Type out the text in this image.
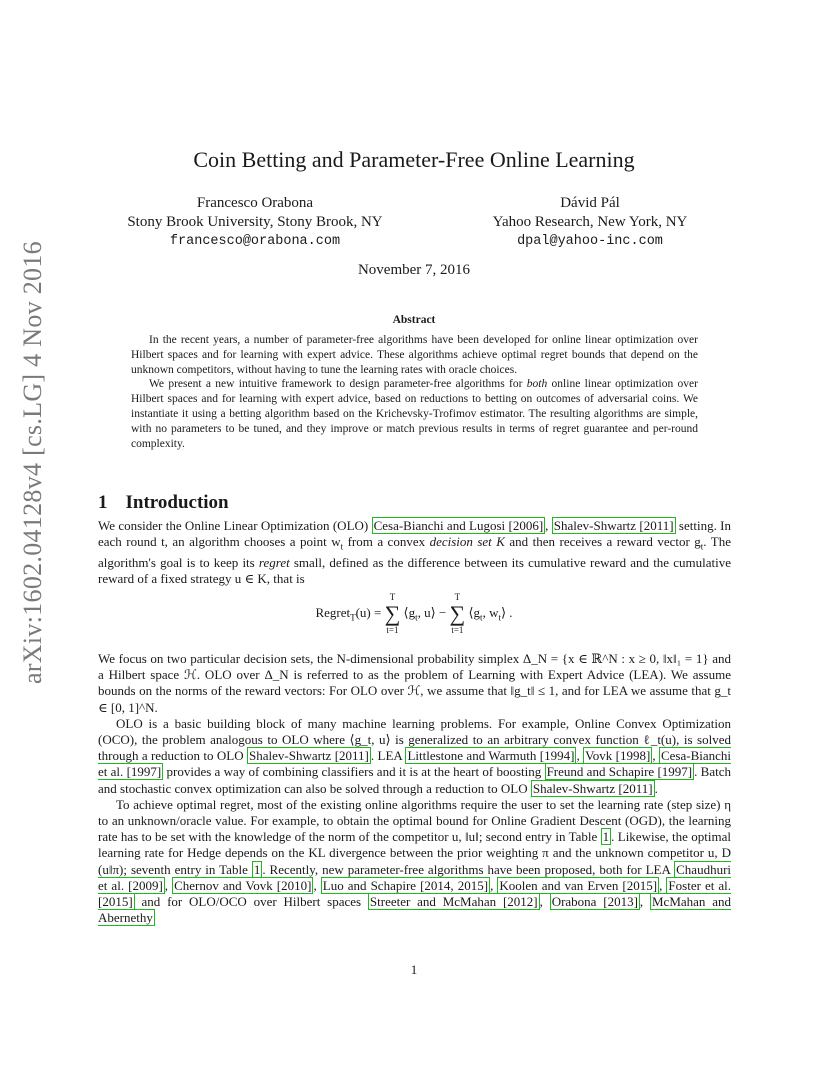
arXiv:1602.04128v4 [cs.LG] 4 Nov 2016
Coin Betting and Parameter-Free Online Learning
Francesco Orabona
Stony Brook University, Stony Brook, NY
francesco@orabona.com
Dávid Pál
Yahoo Research, New York, NY
dpal@yahoo-inc.com
November 7, 2016
Abstract

In the recent years, a number of parameter-free algorithms have been developed for online linear optimization over Hilbert spaces and for learning with expert advice. These algorithms achieve optimal regret bounds that depend on the unknown competitors, without having to tune the learning rates with oracle choices.

We present a new intuitive framework to design parameter-free algorithms for both online linear optimization over Hilbert spaces and for learning with expert advice, based on reductions to betting on outcomes of adversarial coins. We instantiate it using a betting algorithm based on the Krichevsky-Trofimov estimator. The resulting algorithms are simple, with no parameters to be tuned, and they improve or match previous results in terms of regret guarantee and per-round complexity.

1 Introduction

We consider the Online Linear Optimization (OLO) Cesa-Bianchi and Lugosi [2006] , Shalev-Shwartz [2011] setting. In each round t, an algorithm chooses a point $w_t$ from a convex decision set K and then receives a reward vector $g_t$. The algorithm's goal is to keep its regret small, defined as the difference between its cumulative reward and the cumulative reward of a fixed strategy u ∈ K, that is

Regret$_T$(u) =
T
∑
t=1
$⟨g_t$, u⟩ −
T
∑
t=1
$⟨g_t$, $w_t⟩$ .

We focus on two particular decision sets, the N-dimensional probability simplex Δ_N = {x ∈ ℝ^N : x ≥ 0, ‖x‖₁ = 1} and a Hilbert space ℋ. OLO over Δ_N is referred to as the problem of Learning with Expert Advice (LEA). We assume bounds on the norms of the reward vectors: For OLO over ℋ, we assume that ‖g_t‖ ≤ 1, and for LEA we assume that g_t ∈ [0, 1]^N.

OLO is a basic building block of many machine learning problems. For example, Online Convex Optimization (OCO), the problem analogous to OLO where ⟨g_t, u⟩ is generalized to an arbitrary convex function ℓ_t(u), is solved through a reduction to OLO Shalev-Shwartz [2011] . LEA Littlestone and Warmuth [1994] , Vovk [1998] , Cesa-Bianchi et al. [1997] provides a way of combining classifiers and it is at the heart of boosting Freund and Schapire [1997] . Batch and stochastic convex optimization can also be solved through a reduction to OLO Shalev-Shwartz [2011] .

To achieve optimal regret, most of the existing online algorithms require the user to set the learning rate (step size) η to an unknown/oracle value. For example, to obtain the optimal bound for Online Gradient Descent (OGD), the learning rate has to be set with the knowledge of the norm of the competitor u, ‖u‖; second entry in Table 1 . Likewise, the optimal learning rate for Hedge depends on the KL divergence between the prior weighting π and the unknown competitor u, D (u‖π); seventh entry in Table 1 . Recently, new parameter-free algorithms have been proposed, both for LEA Chaudhuri et al. [2009] , Chernov and Vovk [2010] , Luo and Schapire [2014, 2015] , Koolen and van Erven [2015] , Foster et al. [2015] and for OLO/OCO over Hilbert spaces Streeter and McMahan [2012] , Orabona [2013] , McMahan and Abernethy

1
